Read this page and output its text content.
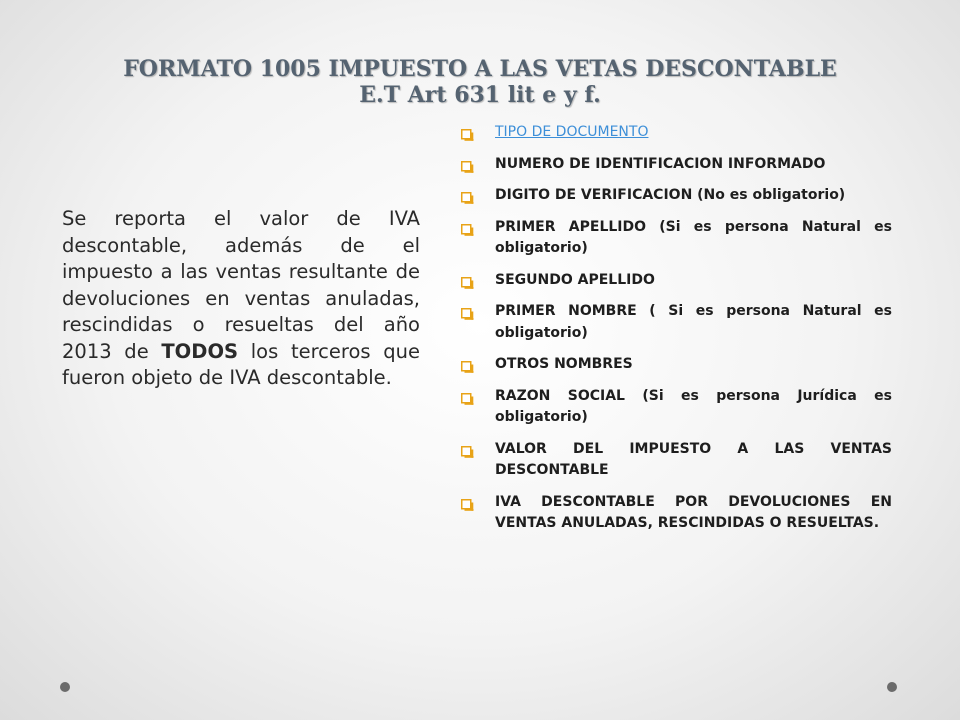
FORMATO 1005 IMPUESTO A LAS VETAS DESCONTABLE
E.T Art 631 lit e y f.

Se reporta el valor de IVA descontable, además de el impuesto a las ventas resultante de devoluciones en ventas anuladas, rescindidas o resueltas del año 2013 de TODOS los terceros que fueron objeto de IVA descontable.

TIPO DE DOCUMENTO
NUMERO DE IDENTIFICACION INFORMADO
DIGITO DE VERIFICACION (No es obligatorio)
PRIMER APELLIDO (Si es persona Natural es obligatorio)
SEGUNDO APELLIDO
PRIMER NOMBRE ( Si es persona Natural es obligatorio)
OTROS NOMBRES
RAZON SOCIAL (Si es persona Jurídica es obligatorio)
VALOR DEL IMPUESTO A LAS VENTAS DESCONTABLE
IVA DESCONTABLE POR DEVOLUCIONES EN VENTAS ANULADAS, RESCINDIDAS O RESUELTAS.
